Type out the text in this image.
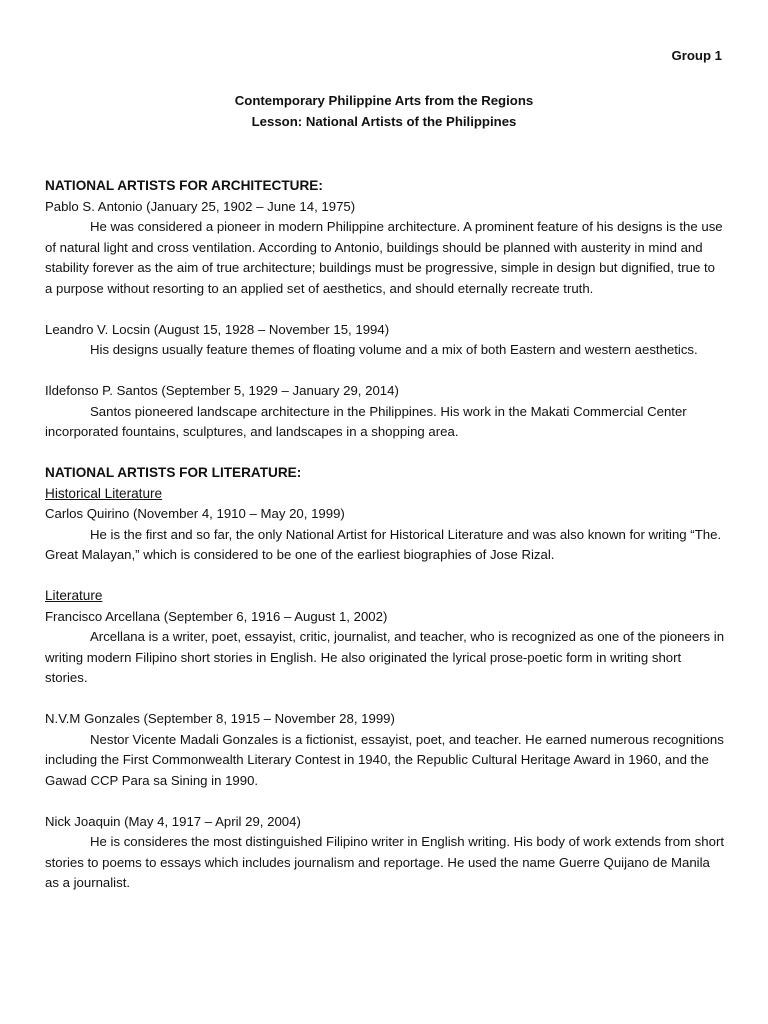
Group 1
Contemporary Philippine Arts from the Regions
Lesson: National Artists of the Philippines
NATIONAL ARTISTS FOR ARCHITECTURE:
Pablo S. Antonio (January 25, 1902 – June 14, 1975)
He was considered a pioneer in modern Philippine architecture. A prominent feature of his designs is the use of natural light and cross ventilation. According to Antonio, buildings should be planned with austerity in mind and stability forever as the aim of true architecture; buildings must be progressive, simple in design but dignified, true to a purpose without resorting to an applied set of aesthetics, and should eternally recreate truth.
Leandro V. Locsin (August 15, 1928 – November 15, 1994)
His designs usually feature themes of floating volume and a mix of both Eastern and western aesthetics.
Ildefonso P. Santos (September 5, 1929 – January 29, 2014)
Santos pioneered landscape architecture in the Philippines. His work in the Makati Commercial Center incorporated fountains, sculptures, and landscapes in a shopping area.
NATIONAL ARTISTS FOR LITERATURE:
Historical Literature
Carlos Quirino (November 4, 1910 – May 20, 1999)
He is the first and so far, the only National Artist for Historical Literature and was also known for writing “The. Great Malayan,” which is considered to be one of the earliest biographies of Jose Rizal.
Literature
Francisco Arcellana (September 6, 1916 – August 1, 2002)
Arcellana is a writer, poet, essayist, critic, journalist, and teacher, who is recognized as one of the pioneers in writing modern Filipino short stories in English. He also originated the lyrical prose-poetic form in writing short stories.
N.V.M Gonzales (September 8, 1915 – November 28, 1999)
Nestor Vicente Madali Gonzales is a fictionist, essayist, poet, and teacher. He earned numerous recognitions including the First Commonwealth Literary Contest in 1940, the Republic Cultural Heritage Award in 1960, and the Gawad CCP Para sa Sining in 1990.
Nick Joaquin (May 4, 1917 – April 29, 2004)
He is consideres the most distinguished Filipino writer in English writing. His body of work extends from short stories to poems to essays which includes journalism and reportage. He used the name Guerre Quijano de Manila as a journalist.
